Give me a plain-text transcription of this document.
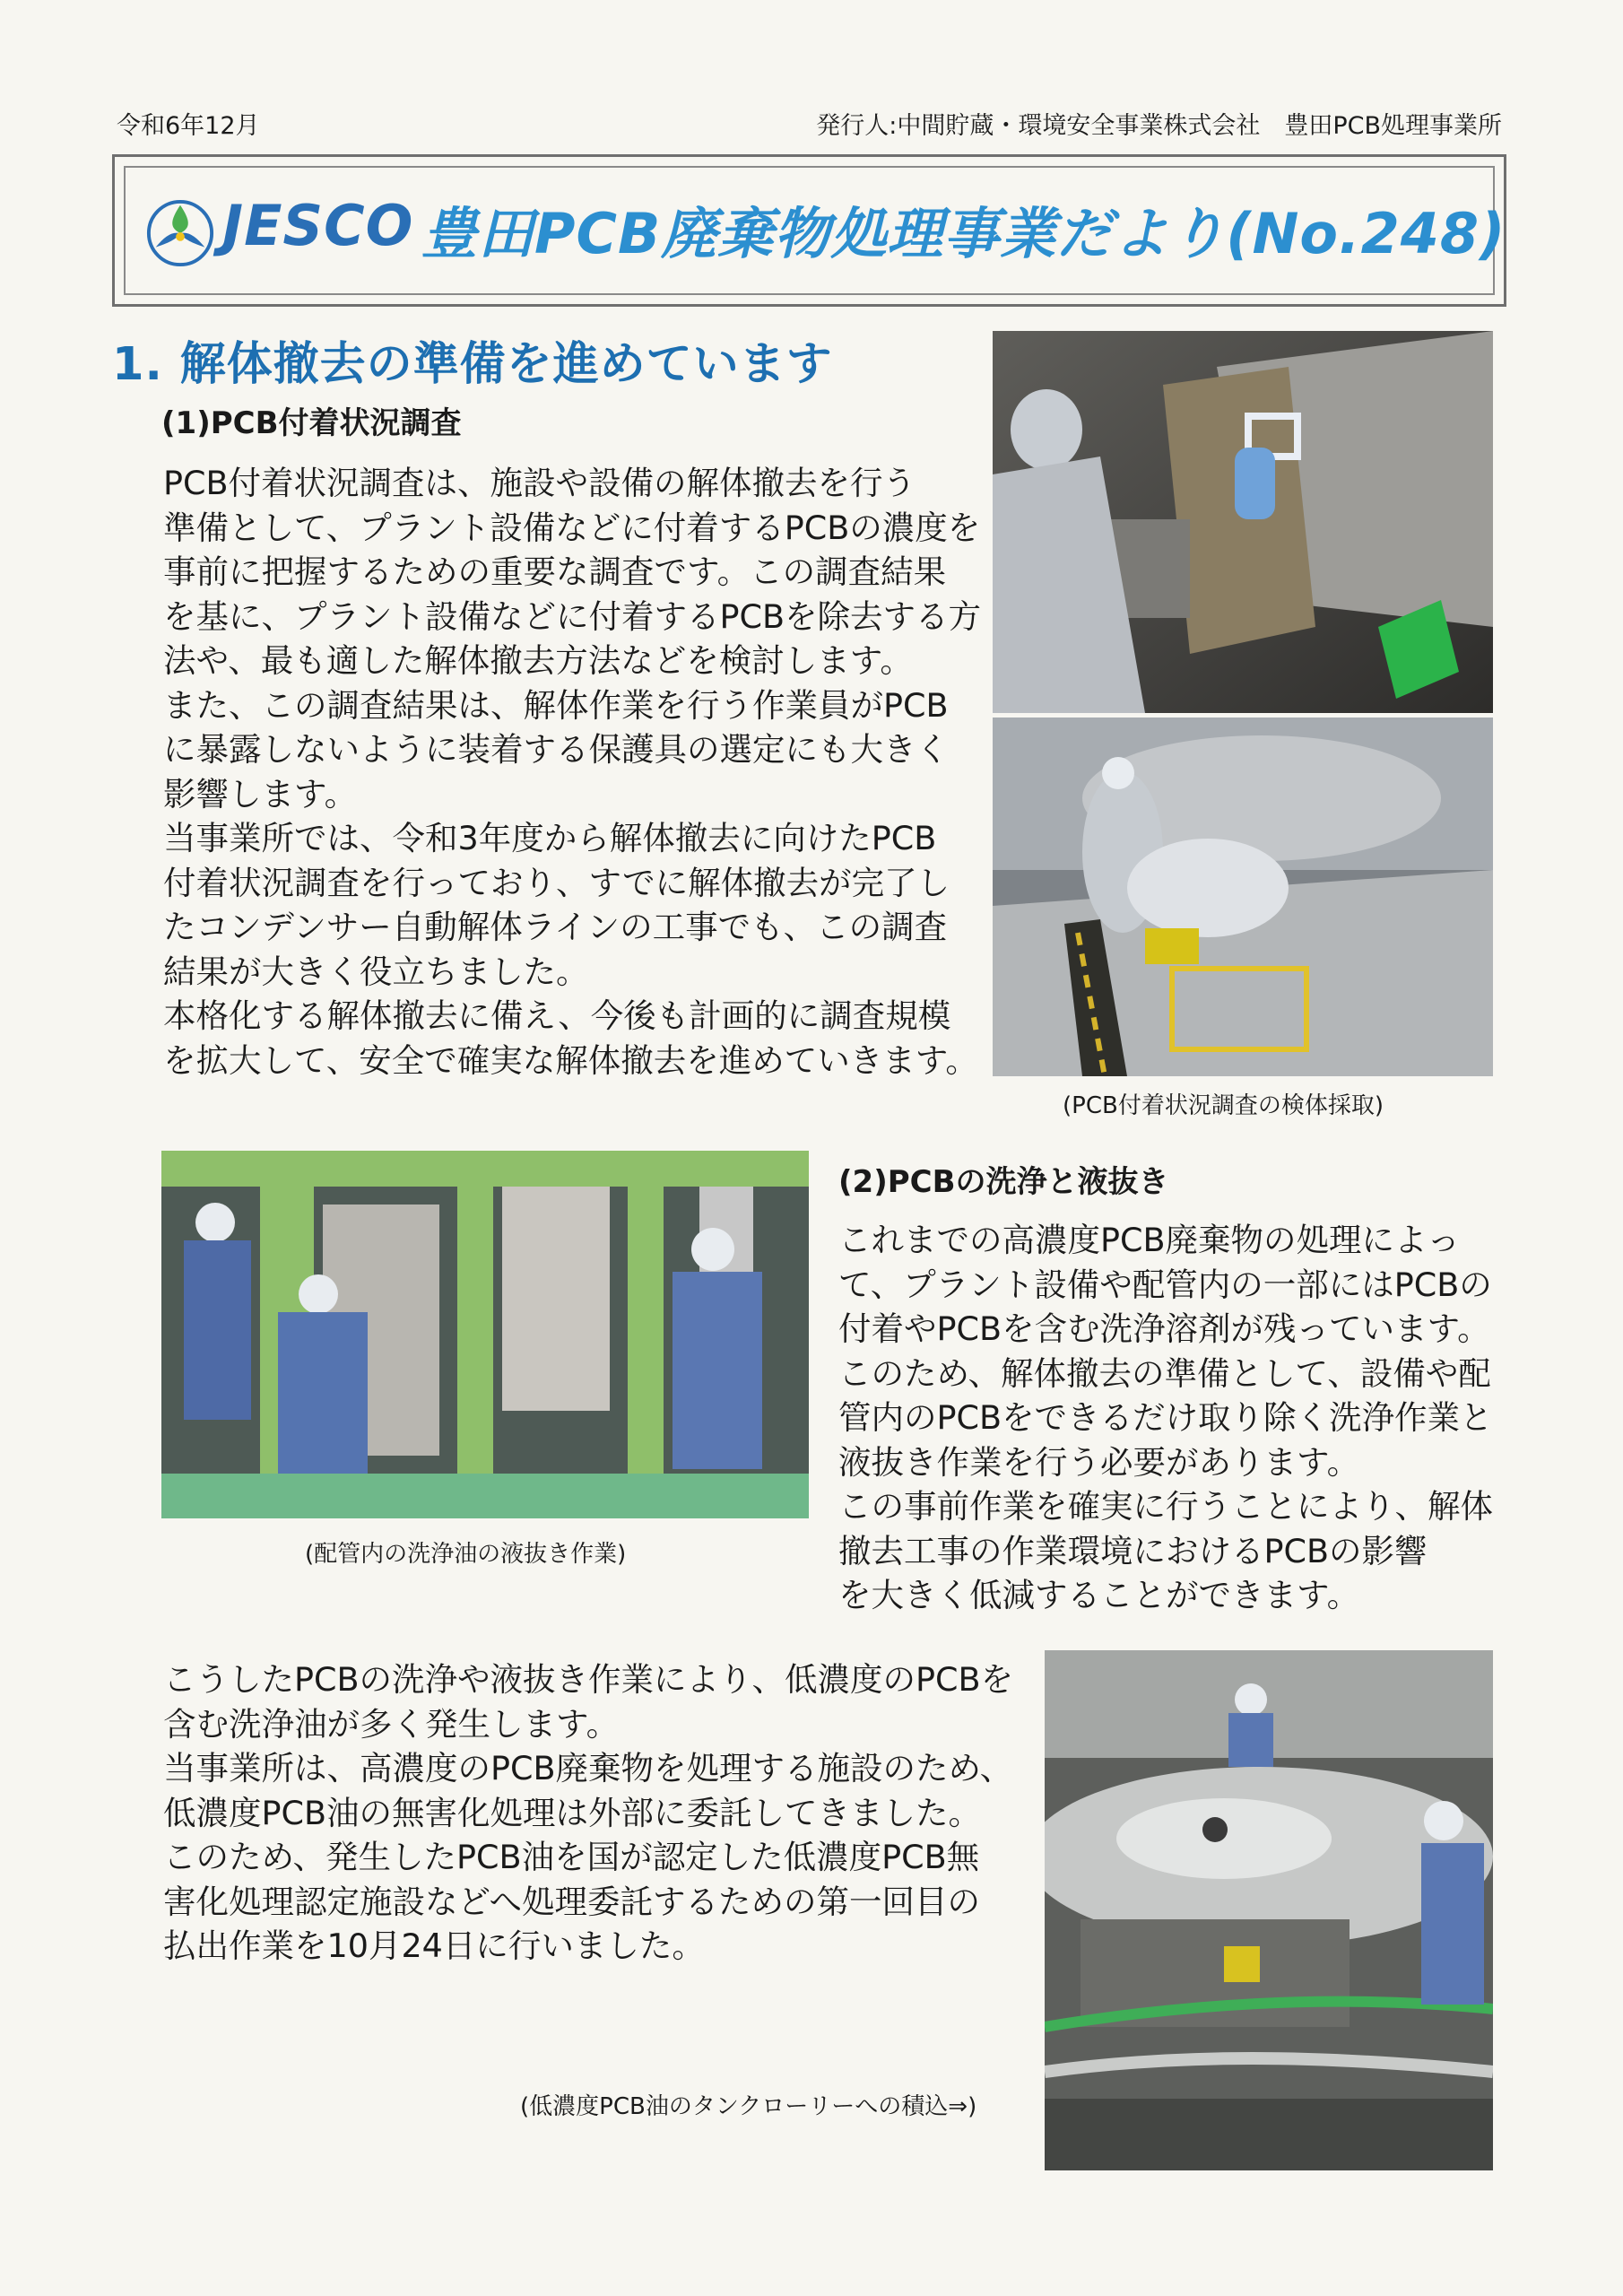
令和6年12月	発行人:中間貯蔵・環境安全事業株式会社　豊田PCB処理事業所
JESCO 豊田PCB廃棄物処理事業だより(No.248)
1. 解体撤去の準備を進めています
(1)PCB付着状況調査
PCB付着状況調査は、施設や設備の解体撤去を行う
準備として、プラント設備などに付着するPCBの濃度を
事前に把握するための重要な調査です。この調査結果
を基に、プラント設備などに付着するPCBを除去する方
法や、最も適した解体撤去方法などを検討します。
また、この調査結果は、解体作業を行う作業員がPCB
に暴露しないように装着する保護具の選定にも大きく
影響します。
当事業所では、令和3年度から解体撤去に向けたPCB
付着状況調査を行っており、すでに解体撤去が完了し
たコンデンサー自動解体ラインの工事でも、この調査
結果が大きく役立ちました。
本格化する解体撤去に備え、今後も計画的に調査規模
を拡大して、安全で確実な解体撤去を進めていきます。
(PCB付着状況調査の検体採取)
(配管内の洗浄油の液抜き作業)
(2)PCBの洗浄と液抜き
これまでの高濃度PCB廃棄物の処理によっ
て、プラント設備や配管内の一部にはPCBの
付着やPCBを含む洗浄溶剤が残っています。
このため、解体撤去の準備として、設備や配
管内のPCBをできるだけ取り除く洗浄作業と
液抜き作業を行う必要があります。
この事前作業を確実に行うことにより、解体
撤去工事の作業環境におけるPCBの影響
を大きく低減することができます。
こうしたPCBの洗浄や液抜き作業により、低濃度のPCBを
含む洗浄油が多く発生します。
当事業所は、高濃度のPCB廃棄物を処理する施設のため、
低濃度PCB油の無害化処理は外部に委託してきました。
このため、発生したPCB油を国が認定した低濃度PCB無
害化処理認定施設などへ処理委託するための第一回目の
払出作業を10月24日に行いました。
(低濃度PCB油のタンクローリーへの積込⇒)
